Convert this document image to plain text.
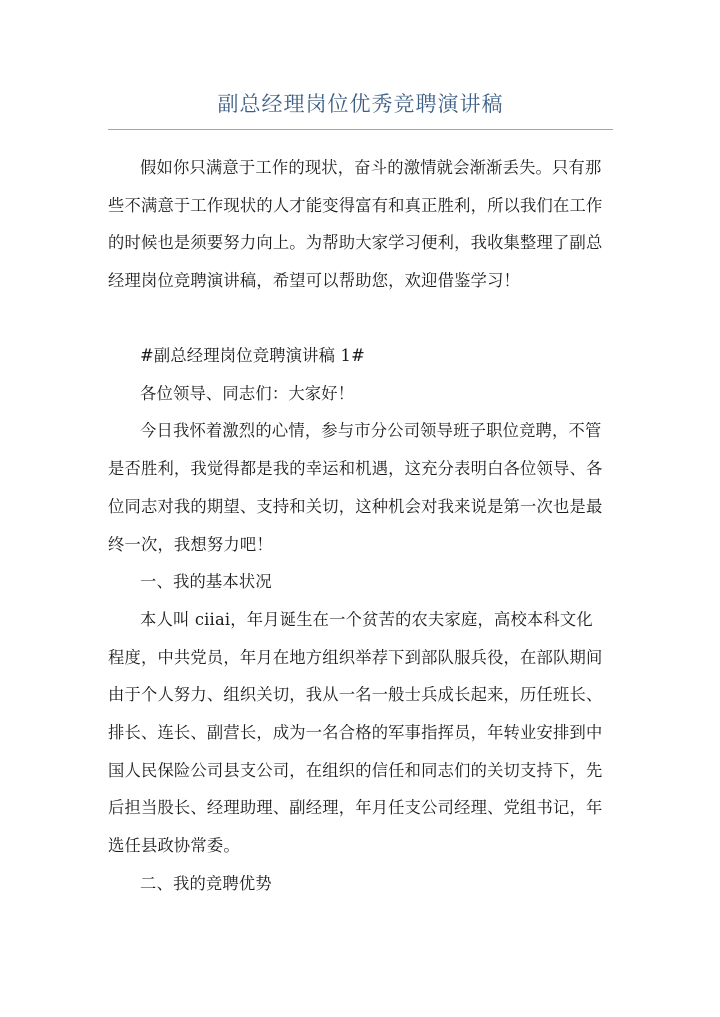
副总经理岗位优秀竞聘演讲稿
假如你只满意于工作的现状，奋斗的激情就会渐渐丢失。只有那
些不满意于工作现状的人才能变得富有和真正胜利，所以我们在工作
的时候也是须要努力向上。为帮助大家学习便利，我收集整理了副总
经理岗位竞聘演讲稿，希望可以帮助您，欢迎借鉴学习！
#副总经理岗位竞聘演讲稿 1#
各位领导、同志们：大家好！
今日我怀着激烈的心情，参与市分公司领导班子职位竞聘，不管
是否胜利，我觉得都是我的幸运和机遇，这充分表明白各位领导、各
位同志对我的期望、支持和关切，这种机会对我来说是第一次也是最
终一次，我想努力吧！
一、我的基本状况
本人叫 ciiai，年月诞生在一个贫苦的农夫家庭，高校本科文化
程度，中共党员，年月在地方组织举荐下到部队服兵役，在部队期间
由于个人努力、组织关切，我从一名一般士兵成长起来，历任班长、
排长、连长、副营长，成为一名合格的军事指挥员，年转业安排到中
国人民保险公司县支公司，在组织的信任和同志们的关切支持下，先
后担当股长、经理助理、副经理，年月任支公司经理、党组书记，年
选任县政协常委。
二、我的竞聘优势
